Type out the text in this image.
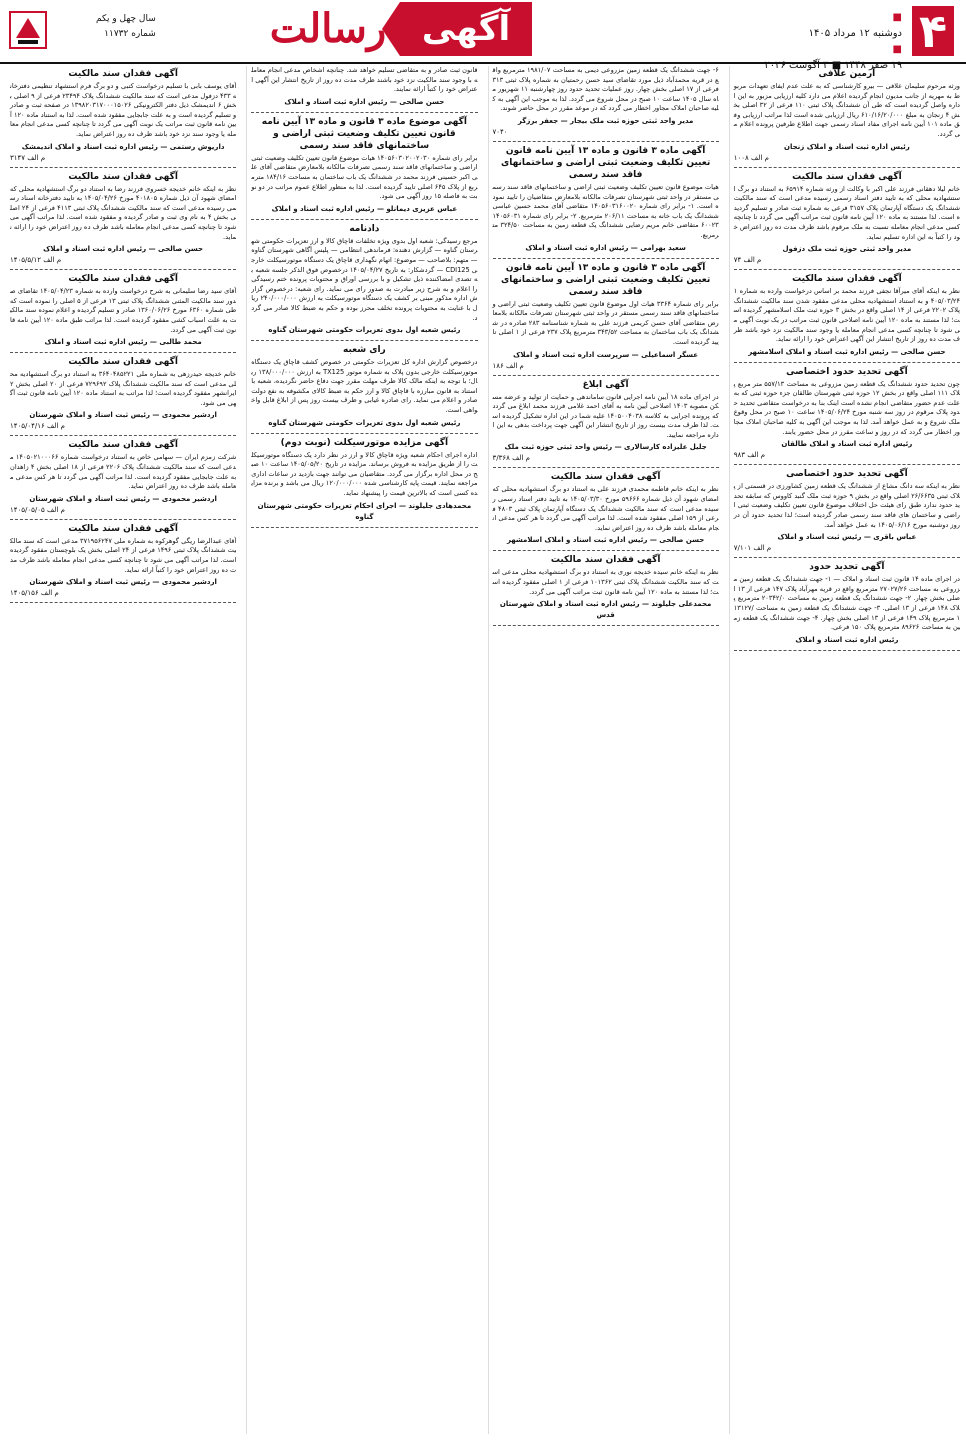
۴
■
دوشنبه ۱۲ مرداد ۱۴۰۵
■
۱۹ صفر ۱۴۴۸ ■ ۳ آگوست ۲۰۲۶
آگهی
رسالت
سال چهل و یکم
شماره ۱۱۷۳۲
آرمین علافی

ورثه مرحوم سلیمان علافی — بیرو کارشناسی که به علت عدم ایفای تعهدات مربوط به مهریه از جانب مدیون انجام گردیده اعلام می دارد کلیه ارزیابی مزبور به این اداره واصل گردیده است که طی آن ششدانگ پلاک ثبتی ۱۱۰ فرعی از ۳۲ اصلی بخش ۴ زنجان به مبلغ ۶۱۰/۱۶/۲۰/۰۰۰ ریال ارزیابی شده است لذا مراتب ارزیابی وفق ماده ۱۰۱ آیین نامه اجرای مفاد اسناد رسمی جهت اطلاع طرفین پرونده اعلام می گردد.

رئیس اداره ثبت اسناد و املاک زنجان
م الف ۱۰۰۸
آگهی فقدان سند مالکیت

خانم لیلا دهقانی فرزند علی اکبر با وکالت از ورثه شماره ۶۵۹۱۴ به استناد دو برگ استشهادیه محلی که به تایید دفتر اسناد رسمی رسیده مدعی است که سند مالکیت ششدانگ یک دستگاه آپارتمان پلاک ۳۱۵۷ فرعی به شماره ثبت صادر و تسلیم گردیده است. لذا مستند به ماده ۱۲۰ آیین نامه قانون ثبت مراتب آگهی می گردد تا چنانچه کسی مدعی انجام معامله نسبت به ملک مرقوم باشد ظرف مدت ده روز اعتراض خود را کتباً به این اداره تسلیم نماید.

مدیر واحد ثبتی حوزه ثبت ملک دزفول
م الف ۷۴
آگهی فقدان سند مالکیت

نظر به اینکه آقای میرآقا نجفی فرزند محمد بر اساس درخواست وارده به شماره ۱۴۰۵/۰۳/۲۴ و به استناد استشهادیه محلی مدعی مفقود شدن سند مالکیت ششدانگ پلاک ۲۲۰۲ فرعی از ۱۴ اصلی واقع در بخش ۳ حوزه ثبت ملک اسلامشهر گردیده است؛ لذا مستند به ماده ۱۲۰ آیین نامه اصلاحی قانون ثبت مراتب در یک نوبت آگهی می شود تا چنانچه کسی مدعی انجام معامله یا وجود سند مالکیت نزد خود باشد ظرف مدت ده روز از تاریخ انتشار این آگهی اعتراض خود را ارائه نماید.

حسن صالحی — رئیس اداره ثبت اسناد و املاک اسلامشهر
آگهی تحدید حدود اختصاصی

چون تحدید حدود ششدانگ یک قطعه زمین مزروعی به مساحت ۵۵۷/۱۳ متر مربع پلاک ۱۱۱ اصلی واقع در بخش ۱۲ حوزه ثبتی شهرستان طالقان جزء حوزه ثبتی که به علت عدم حضور متقاضی انجام نشده است اینک بنا به درخواست متقاضی تحدید حدود پلاک مرقوم در روز سه شنبه مورخ ۱۴۰۵/۰۶/۲۴ ساعت ۱۰ صبح در محل وقوع ملک شروع و به عمل خواهد آمد. لذا به موجب این آگهی به کلیه صاحبان املاک مجاور اخطار می گردد که در روز و ساعت مقرر در محل حضور یابند.

رئیس اداره ثبت اسناد و املاک طالقان
م الف ۹۸۳
آگهی تحدید حدود اختصاصی

نظر به اینکه سه دانگ مشاع از ششدانگ یک قطعه زمین کشاورزی در قسمتی از پلاک ثبتی ۲۶/۶۶۳۵ اصلی واقع در بخش ۹ حوزه ثبت ملک گنبد کاووس که سابقه تحدید حدود ندارد طبق رای هیئت حل اختلاف موضوع قانون تعیین تکلیف وضعیت ثبتی اراضی و ساختمان های فاقد سند رسمی صادر گردیده است؛ لذا تحدید حدود آن در روز دوشنبه مورخ ۱۴۰۵/۰۶/۱۶ به عمل خواهد آمد.

عباس باقری — رئیس ثبت اسناد و املاک
م الف ۷/۱۰۱
آگهی تحدید حدود

در اجرای ماده ۱۴ قانون ثبت اسناد و املاک — ۱- جهت ششدانگ یک قطعه زمین مزروعی به مساحت ۲۷۰۲۷/۲۶ مترمربع واقع در قریه مهرآباد پلاک ۱۴۷ فرعی از ۱۳ اصلی بخش چهار. ۲- جهت ششدانگ یک قطعه زمین به مساحت ۲۰۳۴۲/۰ مترمربع پلاک ۱۴۸ فرعی از ۱۳ اصلی. ۳- جهت ششدانگ یک قطعه زمین به مساحت ۱۳۱۲۷/۱ مترمربع پلاک ۱۴۹ فرعی از ۱۳ اصلی بخش چهار. ۴- جهت ششدانگ یک قطعه زمین به مساحت ۸۹۶۲۶ مترمربع پلاک ۱۵۰ فرعی.

رئیس اداره ثبت اسناد و املاک

۶- جهت ششدانگ یک قطعه زمین مزروعی دیمی به مساحت ۱۹۸۱/۰۷ مترمربع واقع در قریه محمدآباد ذیل مورد تقاضای سید حسن رحمتیان به شماره پلاک ثبتی ۳۱۳ فرعی از ۱۷ اصلی بخش چهار. روز عملیات تحدید حدود روز چهارشنبه ۱۱ شهریور ماه سال ۱۴۰۵ ساعت ۱۰ صبح در محل شروع می گردد. لذا به موجب این آگهی به کلیه صاحبان املاک مجاور اخطار می گردد که در موعد مقرر در محل حاضر شوند.

مدیر واحد ثبتی حوزه ثبت ملک بیجار — جعفر برزگر
۷۰۴۰
آگهی ماده ۳ قانون و ماده ۱۳ آیین نامه قانون تعیین تکلیف وضعیت ثبتی اراضی و ساختمانهای فاقد سند رسمی

هیات موضوع قانون تعیین تکلیف وضعیت ثبتی اراضی و ساختمانهای فاقد سند رسمی مستقر در واحد ثبتی شهرستان تصرفات مالکانه بلامعارض متقاضیان را تایید نموده است. ۱- برابر رای شماره ۱۴۰۵۶۰۳۱۶۰۰۲۰ متقاضی آقای محمد حسین عباسی ششدانگ یک باب خانه به مساحت ۲۰۶/۱۱ مترمربع. ۲- برابر رای شماره ۱۴۰۵۶۰۳۱۶۰۰۲۳ متقاضی خانم مریم رضایی ششدانگ یک قطعه زمین به مساحت ۳۲۴/۵۰ مترمربع.

سعید بهرامی — رئیس اداره ثبت اسناد و املاک
آگهی ماده ۳ قانون و ماده ۱۳ آیین نامه قانون تعیین تکلیف وضعیت ثبتی اراضی و ساختمانهای فاقد سند رسمی

برابر رای شماره ۳۳۶۴ هیات اول موضوع قانون تعیین تکلیف وضعیت ثبتی اراضی و ساختمانهای فاقد سند رسمی مستقر در واحد ثبتی شهرستان تصرفات مالکانه بلامعارض متقاضی آقای حسن کریمی فرزند علی به شماره شناسنامه ۲۸۳ صادره در ششدانگ یک باب ساختمان به مساحت ۳۴۳/۵۲ مترمربع پلاک ۲۳۷ فرعی از ۱ اصلی تایید گردیده است.

عسگر اسماعیلی — سرپرست اداره ثبت اسناد و املاک
م الف ۱۸۶
آگهی ابلاغ

در اجرای ماده ۱۸ آیین نامه اجرایی قانون ساماندهی و حمایت از تولید و عرضه مسکن مصوبه ۱۴۰۳ اصلاحی آیین نامه به آقای احمد غلامی فرزند محمد ابلاغ می گردد که پرونده اجرایی به کلاسه ۱۴۰۵۰۰۴۰۳۸ علیه شما در این اداره تشکیل گردیده است. لذا ظرف مدت بیست روز از تاریخ انتشار این آگهی جهت پرداخت بدهی به این اداره مراجعه نمایید.

جلیل علیزاده کارسالاری — رئیس واحد ثبتی حوزه ثبت ملک
م الف ۳/۳۶۸
آگهی فقدان سند مالکیت

نظر به اینکه خانم فاطمه محمدی فرزند علی به استناد دو برگ استشهادیه محلی که امضای شهود آن ذیل شماره ۵۹۶۶۶ مورخ ۱۴۰۵/۰۳/۳۰ به تایید دفتر اسناد رسمی رسیده مدعی است که سند مالکیت ششدانگ یک دستگاه آپارتمان پلاک ثبتی ۴۸۰۳ فرعی از ۱۵۹ اصلی مفقود شده است. لذا مراتب آگهی می گردد تا هر کس مدعی انجام معامله باشد ظرف ده روز اعتراض نماید.

حسن صالحی — رئیس اداره ثبت اسناد و املاک اسلامشهر
آگهی فقدان سند مالکیت

نظر به اینکه خانم سیده خدیجه نوری به استناد دو برگ استشهادیه محلی مدعی است که سند مالکیت ششدانگ پلاک ثبتی ۱۰۱۳۶۲ فرعی از ۱ اصلی مفقود گردیده است؛ لذا مستند به ماده ۱۲۰ آیین نامه قانون ثبت مراتب آگهی می گردد.

محمدعلی جلیلوند — رئیس اداره ثبت اسناد و املاک شهرستان قدس

قانون ثبت صادر و به متقاضی تسلیم خواهد شد. چنانچه اشخاص مدعی انجام معامله با وجود سند مالکیت نزد خود باشند ظرف مدت ده روز از تاریخ انتشار این آگهی اعتراض خود را کتباً ارائه نمایند.

حسن صالحی — رئیس اداره ثبت اسناد و املاک
آگهی موضوع ماده ۳ قانون و ماده ۱۳ آیین نامه قانون تعیین تکلیف وضعیت ثبتی اراضی و ساختمانهای فاقد سند رسمی

برابر رای شماره ۱۴۰۵۶۰۳۰۲۰۰۲۰۳۰ هیات موضوع قانون تعیین تکلیف وضعیت ثبتی اراضی و ساختمانهای فاقد سند رسمی تصرفات مالکانه بلامعارض متقاضی آقای علی اکبر حسینی فرزند محمد در ششدانگ یک باب ساختمان به مساحت ۱۸۴/۱۶ مترمربع از پلاک ۶۴۵ اصلی تایید گردیده است. لذا به منظور اطلاع عموم مراتب در دو نوبت به فاصله ۱۵ روز آگهی می شود.

عباس عزیزی دیمانلو — رئیس اداره ثبت اسناد و املاک
دادنامه

مرجع رسیدگی: شعبه اول بدوی ویژه تخلفات قاچاق کالا و ارز تعزیرات حکومتی شهرستان گناوه — گزارش دهنده: فرماندهی انتظامی — پلیس آگاهی شهرستان گناوه — متهم: بلاصاحب — موضوع: اتهام نگهداری قاچاق یک دستگاه موتورسیکلت خارجی CDI125 — گردشکار: به تاریخ ۱۴۰۵/۰۴/۲۷ درخصوص فوق الذکر جلسه شعبه به تصدی امضاکننده ذیل تشکیل و با بررسی اوراق و محتویات پرونده ختم رسیدگی را اعلام و به شرح زیر مبادرت به صدور رای می نماید. رای شعبه: درخصوص گزارش اداره مذکور مبنی بر کشف یک دستگاه موتورسیکلت به ارزش ۲۴۰/۰۰۰/۰۰۰ ریال با عنایت به محتویات پرونده تخلف محرز بوده و حکم به ضبط کالا صادر می گردد.

رئیس شعبه اول بدوی تعزیرات حکومتی شهرستان گناوه
رای شعبه

درخصوص گزارش اداره کل تعزیرات حکومتی در خصوص کشف قاچاق یک دستگاه موتورسیکلت خارجی بدون پلاک به شماره موتور TX125 به ارزش ۱۳۸/۰۰۰/۰۰۰ ریال؛ با توجه به اینکه مالک کالا ظرف مهلت مقرر جهت دفاع حاضر نگردیده، شعبه با استناد به قانون مبارزه با قاچاق کالا و ارز حکم به ضبط کالای مکشوفه به نفع دولت صادر و اعلام می نماید. رای صادره غیابی و ظرف بیست روز پس از ابلاغ قابل واخواهی است.

رئیس شعبه اول بدوی تعزیرات حکومتی شهرستان گناوه
آگهی مزایده موتورسیکلت (نوبت دوم)

اداره اجرای احکام شعبه ویژه قاچاق کالا و ارز در نظر دارد یک دستگاه موتورسیکلت را از طریق مزایده به فروش برساند. مزایده در تاریخ ۱۴۰۵/۰۵/۲۰ ساعت ۱۰ صبح در محل اداره برگزار می گردد. متقاضیان می توانند جهت بازدید در ساعات اداری مراجعه نمایند. قیمت پایه کارشناسی شده ۱۲۰/۰۰۰/۰۰۰ ریال می باشد و برنده مزایده کسی است که بالاترین قیمت را پیشنهاد نماید.

محمدهادی جلیلوند — اجرای احکام تعزیرات حکومتی شهرستان گناوه
آگهی فقدان سند مالکیت

آقای یوسف بابی با تسلیم درخواست کتبی و دو برگ فرم استشهاد تنظیمی دفترخانه ۴۳۳ دزفول مدعی است که سند مالکیت ششدانگ پلاک ۲۳۴۹۴ فرعی از ۹ اصلی بخش ۶ اندیمشک ذیل دفتر الکترونیکی ۱۳۹۸۲۰۳۱۷۰۰۰۱۵۰۲۶ در صفحه ثبت و صادر و تسلیم گردیده است و به علت جابجایی مفقود شده است. لذا به استناد ماده ۱۲۰ آیین نامه قانون ثبت مراتب یک نوبت آگهی می گردد تا چنانچه کسی مدعی انجام معامله یا وجود سند نزد خود باشد ظرف ده روز اعتراض نماید.

داریوش رستمی — رئیس اداره ثبت اسناد و املاک اندیمشک
م الف ۳۱۴۷
آگهی فقدان سند مالکیت

نظر به اینکه خانم خدیجه خسروی فرزند رضا به استناد دو برگ استشهادیه محلی که امضای شهود آن ذیل شماره ۴۰۱۸۰۵ مورخ ۱۴۰۵/۰۴/۲۶ به تایید دفترخانه اسناد رسمی رسیده مدعی است که سند مالکیت ششدانگ پلاک ثبتی ۴۱۱۳ فرعی از ۲۴ اصلی بخش ۴ به نام وی ثبت و صادر گردیده و مفقود شده است. لذا مراتب آگهی می شود تا چنانچه کسی مدعی انجام معامله باشد ظرف ده روز اعتراض خود را ارائه نماید.

حسن صالحی — رئیس اداره ثبت اسناد و املاک
م الف ۱۴۰۵/۵/۱۲
آگهی فقدان سند مالکیت

آقای سید رضا سلیمانی به شرح درخواست وارده به شماره ۱۴۰۵/۰۴/۲۳ تقاضای صدور سند مالکیت المثنی ششدانگ پلاک ثبتی ۱۳ فرعی از ۵ اصلی را نموده است که طی شماره ۶۳۶۰ مورخ ۱۳۶۰/۰۶/۲۶ صادر و تسلیم گردیده و اعلام نموده سند مالکیت به علت اسباب کشی مفقود گردیده است. لذا مراتب طبق ماده ۱۲۰ آیین نامه قانون ثبت آگهی می گردد.

محمد طالبی — رئیس اداره ثبت اسناد و املاک
آگهی فقدان سند مالکیت

خانم خدیجه حیدرزهی به شماره ملی ۳۶۴۰۴۸۵۲۲۱ به استناد دو برگ استشهادیه محلی مدعی است که سند مالکیت ششدانگ پلاک ۷۲۹۶۹۲ فرعی از ۲۰ اصلی بخش ۲ ایرانشهر مفقود گردیده است؛ لذا مراتب به استناد ماده ۱۲۰ آیین نامه قانون ثبت آگهی می شود.

اردشیر محمودی — رئیس ثبت اسناد و املاک شهرستان
م الف ۱۴۰۵/۰۴/۱۶
آگهی فقدان سند مالکیت

شرکت زمزم ایران — سهامی خاص به استناد درخواست شماره ۱۴۰۵۰۲۱۰۰۰۶۶ مدعی است که سند مالکیت ششدانگ پلاک ۲۲۰۶ فرعی از ۱۸ اصلی بخش ۴ زاهدان به علت جابجایی مفقود گردیده است. لذا مراتب آگهی می گردد تا هر کس مدعی معامله باشد ظرف ده روز اعتراض نماید.

اردشیر محمودی — رئیس ثبت اسناد و املاک شهرستان
م الف ۱۴۰۵/۰۵/۰۵
آگهی فقدان سند مالکیت

آقای عبدالرضا ریگی گوهرکوه به شماره ملی ۳۷۱۹۵۶۲۴۷ مدعی است که سند مالکیت ششدانگ پلاک ثبتی ۱۴۹۶ فرعی از ۲۴ اصلی بخش یک بلوچستان مفقود گردیده است. لذا مراتب آگهی می شود تا چنانچه کسی مدعی انجام معامله باشد ظرف مدت ده روز اعتراض خود را کتباً ارائه نماید.

اردشیر محمودی — رئیس ثبت اسناد و املاک شهرستان
م الف ۱۴۰۵/۱۵۶
